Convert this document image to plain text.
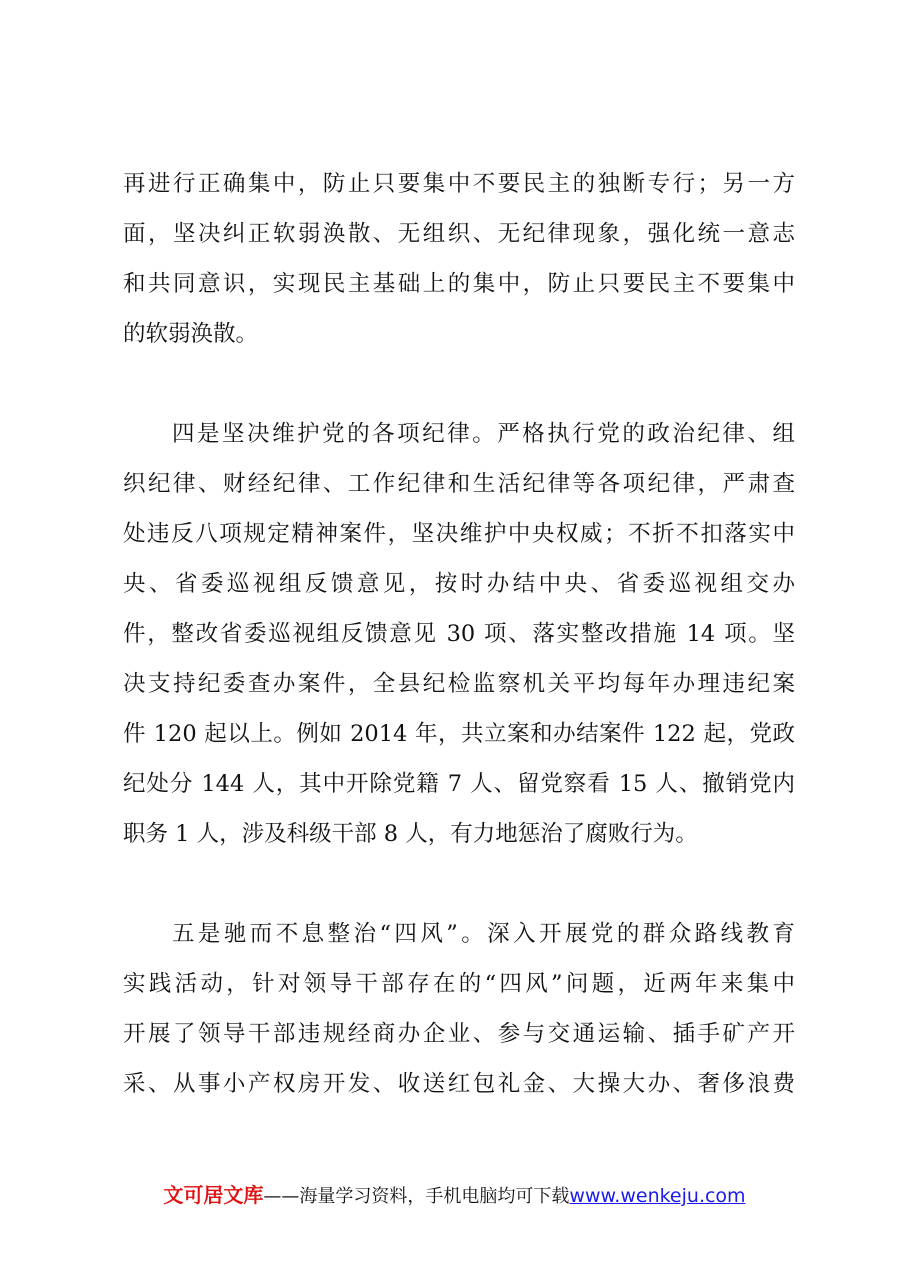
再进行正确集中，防止只要集中不要民主的独断专行；另一方
面，坚决纠正软弱涣散、无组织、无纪律现象，强化统一意志
和共同意识，实现民主基础上的集中，防止只要民主不要集中
的软弱涣散。
四是坚决维护党的各项纪律。严格执行党的政治纪律、组
织纪律、财经纪律、工作纪律和生活纪律等各项纪律，严肃查
处违反八项规定精神案件，坚决维护中央权威；不折不扣落实中
央、省委巡视组反馈意见，按时办结中央、省委巡视组交办
件，整改省委巡视组反馈意见 30 项、落实整改措施 14 项。坚
决支持纪委查办案件，全县纪检监察机关平均每年办理违纪案
件 120 起以上。例如 2014 年，共立案和办结案件 122 起，党政
纪处分 144 人，其中开除党籍 7 人、留党察看 15 人、撤销党内
职务 1 人，涉及科级干部 8 人，有力地惩治了腐败行为。
五是驰而不息整治“四风”。深入开展党的群众路线教育
实践活动，针对领导干部存在的“四风”问题，近两年来集中
开展了领导干部违规经商办企业、参与交通运输、插手矿产开
采、从事小产权房开发、收送红包礼金、大操大办、奢侈浪费
文可居文库——海量学习资料，手机电脑均可下载www.wenkeju.com
